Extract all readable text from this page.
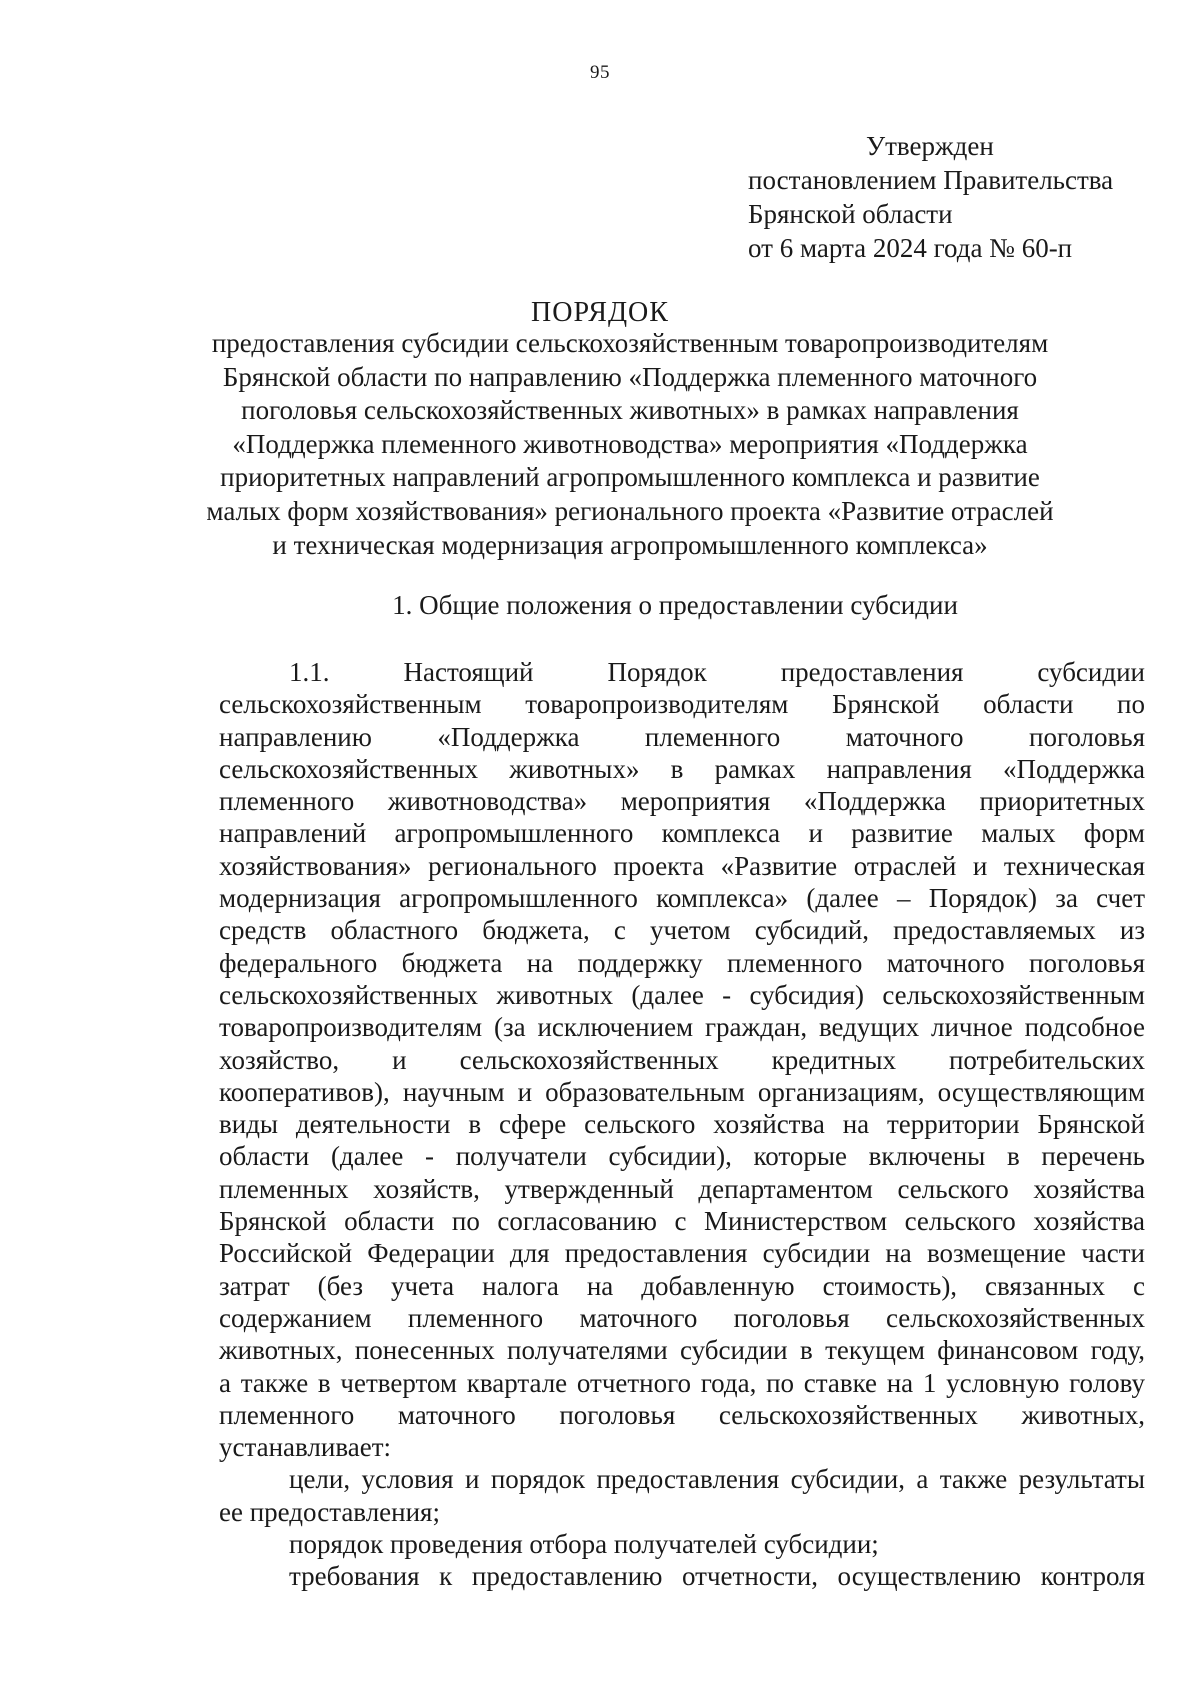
95
Утвержден
постановлением Правительства
Брянской области
от 6 марта 2024 года № 60-п
ПОРЯДОК
предоставления субсидии сельскохозяйственным товаропроизводителям
Брянской области по направлению «Поддержка племенного маточного
поголовья сельскохозяйственных животных» в рамках направления
«Поддержка племенного животноводства» мероприятия «Поддержка
приоритетных направлений агропромышленного комплекса и развитие
малых форм хозяйствования» регионального проекта «Развитие отраслей
и техническая модернизация агропромышленного комплекса»
1. Общие положения о предоставлении субсидии
1.1. Настоящий Порядок предоставления субсидии
сельскохозяйственным товаропроизводителям Брянской области по
направлению «Поддержка племенного маточного поголовья
сельскохозяйственных животных» в рамках направления «Поддержка
племенного животноводства» мероприятия «Поддержка приоритетных
направлений агропромышленного комплекса и развитие малых форм
хозяйствования» регионального проекта «Развитие отраслей и техническая
модернизация агропромышленного комплекса» (далее – Порядок) за счет
средств областного бюджета, с учетом субсидий, предоставляемых из
федерального бюджета на поддержку племенного маточного поголовья
сельскохозяйственных животных (далее - субсидия) сельскохозяйственным
товаропроизводителям (за исключением граждан, ведущих личное подсобное
хозяйство, и сельскохозяйственных кредитных потребительских
кооперативов), научным и образовательным организациям, осуществляющим
виды деятельности в сфере сельского хозяйства на территории Брянской
области (далее - получатели субсидии), которые включены в перечень
племенных хозяйств, утвержденный департаментом сельского хозяйства
Брянской области по согласованию с Министерством сельского хозяйства
Российской Федерации для предоставления субсидии на возмещение части
затрат (без учета налога на добавленную стоимость), связанных с
содержанием племенного маточного поголовья сельскохозяйственных
животных, понесенных получателями субсидии в текущем финансовом году,
а также в четвертом квартале отчетного года, по ставке на 1 условную голову
племенного маточного поголовья сельскохозяйственных животных,
устанавливает:
цели, условия и порядок предоставления субсидии, а также результаты
ее предоставления;
порядок проведения отбора получателей субсидии;
требования к предоставлению отчетности, осуществлению контроля
